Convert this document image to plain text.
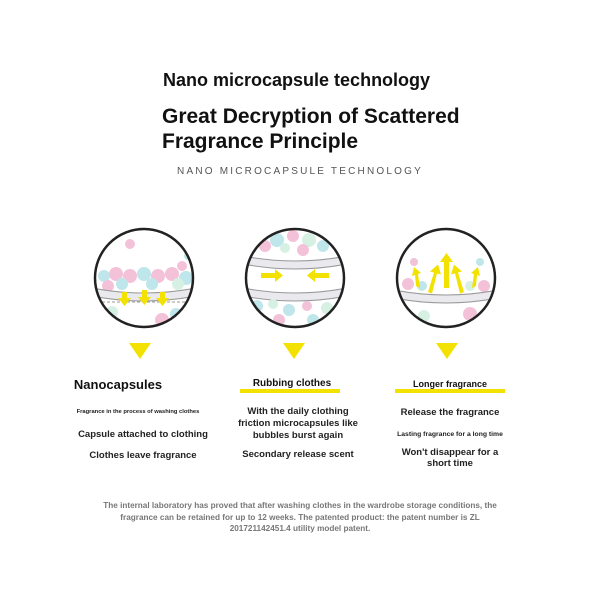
Nano microcapsule technology
Great Decryption of Scattered Fragrance Principle
NANO MICROCAPSULE TECHNOLOGY
Nanocapsules
Fragrance in the process of washing clothes
Capsule attached to clothing
Clothes leave fragrance
Rubbing clothes
With the daily clothing friction microcapsules like bubbles burst again
Secondary release scent
Longer fragrance
Release the fragrance
Lasting fragrance for a long time
Won't disappear for a short time
The internal laboratory has proved that after washing clothes in the wardrobe storage conditions, the fragrance can be retained for up to 12 weeks. The patented product: the patent number is ZL 201721142451.4 utility model patent.
